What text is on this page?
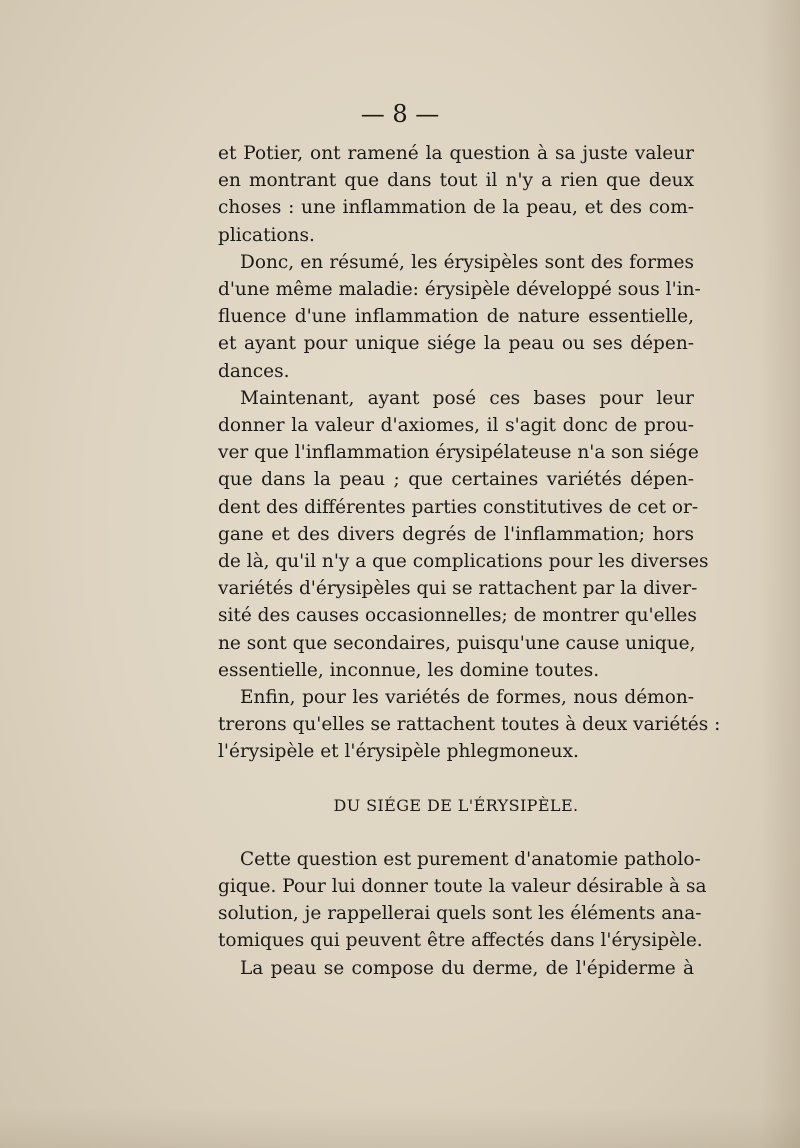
— 8 —
et Potier, ont ramené la question à sa juste valeur
en montrant que dans tout il n'y a rien que deux
choses : une inflammation de la peau, et des com-
plications.
Donc, en résumé, les érysipèles sont des formes
d'une même maladie: érysipèle développé sous l'in-
fluence d'une inflammation de nature essentielle,
et ayant pour unique siége la peau ou ses dépen-
dances.
Maintenant, ayant posé ces bases pour leur
donner la valeur d'axiomes, il s'agit donc de prou-
ver que l'inflammation érysipélateuse n'a son siége
que dans la peau ; que certaines variétés dépen-
dent des différentes parties constitutives de cet or-
gane et des divers degrés de l'inflammation; hors
de là, qu'il n'y a que complications pour les diverses
variétés d'érysipèles qui se rattachent par la diver-
sité des causes occasionnelles; de montrer qu'elles
ne sont que secondaires, puisqu'une cause unique,
essentielle, inconnue, les domine toutes.
Enfin, pour les variétés de formes, nous démon-
trerons qu'elles se rattachent toutes à deux variétés :
l'érysipèle et l'érysipèle phlegmoneux.
DU SIÉGE DE L'ÉRYSIPÈLE.
Cette question est purement d'anatomie patholo-
gique. Pour lui donner toute la valeur désirable à sa
solution, je rappellerai quels sont les éléments ana-
tomiques qui peuvent être affectés dans l'érysipèle.
La peau se compose du derme, de l'épiderme à
